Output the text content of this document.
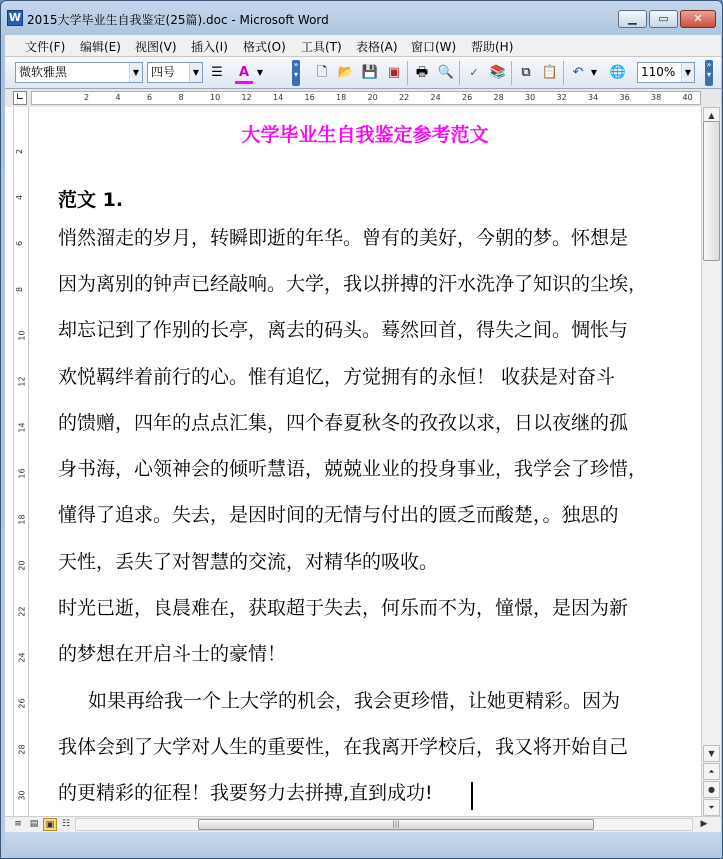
W 2015大学毕业生自我鉴定(25篇).doc - Microsoft Word	▁	▭	✕
文件(F) 编辑(E) 视图(V) 插入(I) 格式(O) 工具(T) 表格(A) 窗口(W) 帮助(H)
微软雅黑	▼ 四号	▼ ☰	A ▼
»
▾ 🗋 📂 💾 ▣ 🖶 🔍	✓ 📚	⧉ 📋 ↶ ▼ 🌐	110%	▼
»
▾
∟	2	4	6	8	10	12	14	16	18	20	22	24	26	28	30	32	34	36	38	40
2
4
6
8
10
12
14
16
18
20
22
24
26
28
30
大学毕业生自我鉴定参考范文
范文 1.
悄然溜走的岁月，转瞬即逝的年华。曾有的美好，今朝的梦。怀想是
因为离别的钟声已经敲响。大学，我以拼搏的汗水洗净了知识的尘埃，
却忘记到了作别的长亭，离去的码头。蓦然回首，得失之间。惆怅与
欢悦羁绊着前行的心。惟有追忆，方觉拥有的永恒！ 收获是对奋斗
的馈赠，四年的点点汇集，四个春夏秋冬的孜孜以求，日以夜继的孤
身书海，心领神会的倾听慧语，兢兢业业的投身事业，我学会了珍惜，
懂得了追求。失去，是因时间的无情与付出的匮乏而酸楚，。独思的
天性，丢失了对智慧的交流，对精华的吸收。
时光已逝，良晨难在，获取超于失去，何乐而不为，憧憬，是因为新
的梦想在开启斗士的豪情！
如果再给我一个上大学的机会，我会更珍惜，让她更精彩。因为
我体会到了大学对人生的重要性，在我离开学校后，我又将开始自己
的更精彩的征程！我要努力去拼搏,直到成功!
▲
▼
⏶
●
⏷
≡ ▤ ▣ ☷	|||	▶
